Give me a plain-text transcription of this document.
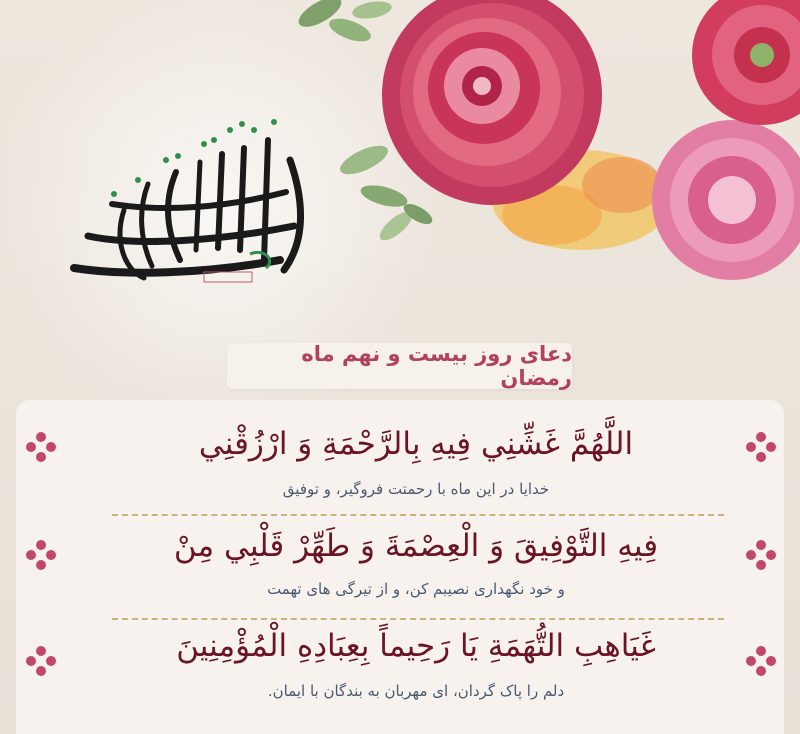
دعای روز بیست و نهم ماه رمضان
اللَّهُمَّ غَشِّنِي فِيهِ بِالرَّحْمَةِ وَ ارْزُقْنِي
خدایا در این ماه با رحمتت فروگیر، و توفیق
فِيهِ التَّوْفِيقَ وَ الْعِصْمَةَ وَ طَهِّرْ قَلْبِي مِنْ
و خود نگهداری نصیبم کن، و از تیرگی های تهمت
غَيَاهِبِ التُّهَمَةِ يَا رَحِيماً بِعِبَادِهِ الْمُؤْمِنِينَ
دلم را پاک گردان، ای مهربان به بندگان با ایمان.
